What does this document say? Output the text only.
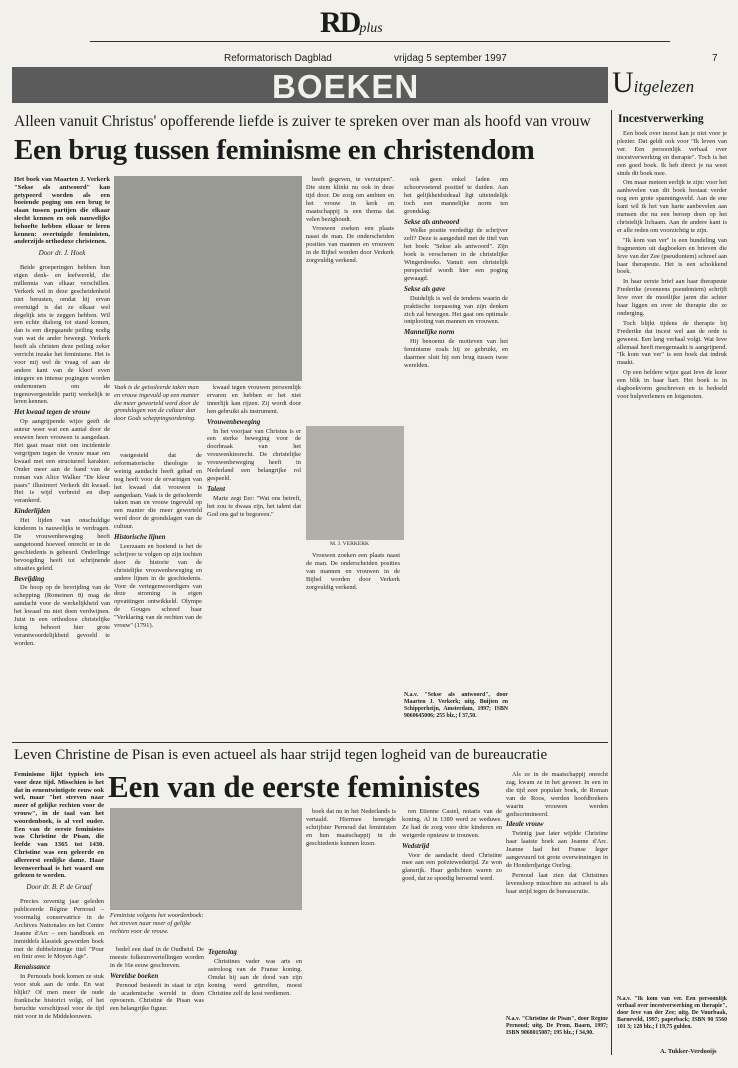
RDplus
Reformatorisch Dagblad	vrijdag 5 september 1997	7
BOEKEN	Uitgelezen
Alleen vanuit Christus' opofferende liefde is zuiver te spreken over man als hoofd van vrouw
Een brug tussen feminisme en christendom
Het boek van Maarten J. Verkerk "Sekse als antwoord" kan getypeerd worden als een boeiende poging om een brug te slaan tussen partijen die elkaar slecht kennen en ook nauwelijks behoefte hebben elkaar te leren kennen: overtuigde feministen, anderzijds orthodoxe christenen.
Door dr. J. Hoek

Beide groeperingen hebben hun eigen denk- en leefwereld, die millennia van elkaar verschillen. Verkerk wil in deze gescheidenheid niet berusten, omdat hij ervan overtuigd is dat ze elkaar wel degelijk iets te zeggen hebben. Wil een echte dialoog tot stand komen, dan is een diepgaande peiling nodig van wat de ander beweegt. Verkerk heeft als christen deze peiling zeker verricht inzake het feminisme. Het is voor mij wel de vraag of aan de andere kant van de kloof even integere en intense pogingen worden ondernomen om de tegenovergestelde partij werkelijk te leren kennen.

Het kwaad tegen de vrouw

Op aangrijpende wijze geeft de auteur weer wat een aantal door de eeuwen heen vrouwen is aangedaan. Het gaat maar niet om incidentele vergrijpen tegen de vrouw maar om kwaad met een structureel karakter. Onder meer aan de hand van de roman van Alice Walker "De kleur paars" illustreert Verkerk dit kwaad. Het is wijd verbreid en diep verankerd.

Kinderlijden

Het lijden van onschuldige kinderen is nauwelijks te verdragen. De vrouwenbeweging heeft aangetoond hoeveel onrecht er in de geschiedenis is gebeurd. Onderlinge bevoogding heeft tot schrijnende situaties geleid.

Bevrijding

De hoop op de bevrijding van de schepping (Romeinen 8) mag de aandacht voor de werkelijkheid van het kwaad nu niet doen verdwijnen. Juist in een orthodoxe christelijke kring behoort hier grote verantwoordelijkheid gevoeld te worden.

Vaak is de geïsoleerde taken man en vrouw ingevuld op een manier die meer geworteld werd door de grondslagen van de cultuur dan door Gods scheppingsordening.

vastgesteld dat de reformatorische theologie te weinig aandacht heeft gehad en nog heeft voor de ervaringen van het kwaad dat vrouwen is aangedaan. Vaak is de geïsoleerde taken man en vrouw ingevuld op een manier die meer geworteld werd door de grondslagen van de cultuur.

Historische lijnen

Leerzaam en boeiend is het de schrijver te volgen op zijn tochten door de historie van de christelijke vrouwenbeweging en andere lijnen in de geschiedenis. Voor de vertegenwoordigers van deze stroming is eigen opvattingen ontwikkeld. Olympe de Gouges schreef haar "Verklaring van de rechten van de vrouw" (1791).

kwaad tegen vrouwen persoonlijk ervaren en hebben er het niet innerlijk kan rijzen. Zij wordt door hen gebruikt als instrument.

Vrouwenbeweging

In het voorjaar van Christus is er een sterke beweging voor de doorbraak van het vrouwenkiesrecht. De christelijke vrouwenbeweging heeft in Nederland een belangrijke rol gespeeld.

Talent

Marie zegt Eer: "Wat ons betreft, het zou te dwaas zijn, het talent dat God ons gaf te begraven."

M. J. VERKERK

heeft gegeven, te verzuipen". Die stem klinkt nu ook in deze tijd door. De zorg om ambten en het vrouw in kerk en maatschappij is een thema dat velen bezighoudt.

Vrouwen zoeken een plaats naast de man. De onderscheiden posities van mannen en vrouwen in de Bijbel worden door Verkerk zorgvuldig verkend.

Vrouwen zoeken een plaats naast de man. De onderscheiden posities van mannen en vrouwen in de Bijbel worden door Verkerk zorgvuldig verkend.

ook geen enkel laden om schoorvoetend positief te duiden. Aan het gelijkheidsideaal ligt uiteindelijk toch een mannelijke norm ten grondslag.

Sekse als antwoord

Welke positie verdedigt de schrijver zelf? Deze is aangeduid met de titel van het boek: "Sekse als antwoord". Zijn boek is verschenen in de christelijke Wingerdreeks. Vanuit een christelijk perspectief wordt hier een poging gewaagd.

Sekse als gave

Duidelijk is wel de tendens waarin de praktische toepassing van zijn denken zich zal bewegen. Het gaat om optimale ontplooiing van mannen en vrouwen.

Mannelijke norm

Hij benoemt de motieven van het feminisme zoals hij ze gebruikt, en daarmee sluit hij een brug tussen twee werelden.

N.a.v. "Sekse als antwoord", door Maarten J. Verkerk; uitg. Buijten en Schipperheijn, Amsterdam, 1997; ISBN 9060645006; 255 blz.; f 37,50.
Incestverwerking

Een boek over incest kan je niet voor je plezier. Dat geldt ook voor "Ik leven van ver. Een persoonlijk verhaal over incestverwerking en therapie". Toch is het een goed boek. Ik heb direct je na weet sinds dit boek mee.

Om maar meteen eerlijk te zijn: voor het aanbevelen van dit boek bestaat verder nog een grote spanningsveld. Aan de ene kant wil ik het van harte aanbevelen aan mensen die nu een beroep doen op het christelijk lichaam. Aan de andere kant is er alle reden om voorzichtig te zijn.

"Ik kom van ver" is een bundeling van fragmenten uit dagboeken en brieven die Ieve van der Zee (pseudoniem) schreef aan haar therapeute. Het is een schokkend boek.

In haar eerste brief aan haar therapeute Frederike (eveneens pseudoniem) schrijft Ieve over de moeilijke jaren die achter haar liggen en over de therapie die ze onderging.

Toch blijkt tijdens de therapie bij Frederike dat incest wel aan de orde is geweest. Een lang verhaal volgt. Wat Ieve allemaal heeft meegemaakt is aangrijpend. "Ik kom van ver" is een boek dat indruk maakt.

Op een heldere wijze gaat Ieve de lezer een blik in haar hart. Het boek is in dagboekvorm geschreven en is bedoeld voor hulpverleners en lotgenoten.

N.a.v. "Ik kom van ver. Een persoonlijk verhaal over incestverwerking en therapie", door Ieve van der Zee; uitg. De Vuurbaak, Barneveld, 1997; paperback; ISBN 90 5560 101 3; 128 blz.; f 19,75 gulden.
A. Tukker-Verdooijs
Leven Christine de Pisan is even actueel als haar strijd tegen logheid van de bureaucratie
Een van de eerste feministes
Feminisme lijkt typisch iets voor deze tijd. Misschien is het dat in eenentwintigste eeuw ook wel, maar "het streven naar meer of gelijke rechten voor de vrouw", in de taal van het woordenboek, is al veel ouder. Een van de eerste feministes was Christine de Pisan, die leefde van 1365 tot 1430. Christine was een geleerde en allereerst eenlijke dame. Haar levensverhaal is het waard om gelezen te worden.
Door dr. B. P. de Graaf

Precies zeventig jaar geleden publiceerde Régine Pernoud – voormalig conservatrice in de Archives Nationales en het Centre Jeanne d'Arc – een handboek en inmiddels klassiek geworden boek met de dubbelzinnige titel "Pour en finir avec le Moyen Age".

Renaissance

In Pernouds boek komen ze stuk voor stuk aan de orde. En wat blijkt? Of men meer de oude frankische historici volgt, of het beruchte verschijnsel voor de tijd niet voor in de Middeleeuwen.

Feministe volgens het woordenboek: het streven naar meer of gelijke rechten voor de vrouw.

boek dat nu in het Nederlands is vertaald. Hiermee beneigde schrijfster Pernoud dat feministen en hun maatschappij in de geschiedenis kunnen lezen.

bedel een daaf in de Oudheid. De meeste folkeurovertellingen worden in de 16e eeuw geschreven.

Wereldse boeken

Pernoud besteedt in staat te zijn de academische wereld te doen opvoeren. Christine de Pisan was een belangrijke figuur.

Tegenslag

Christines vader was arts en astroloog van de Franse koning. Omdat hij aan de dood van zijn koning werd getroffen, moest Christine zelf de kost verdienen.

ren Etienne Castel, notaris van de koning. Al in 1389 werd ze weduwe. Ze had de zorg voor drie kinderen en weigerde opnieuw te trouwen.

Wedstrijd

Voor de aandacht deed Christine mee aan een poëziewedstrijd. Ze won glansrijk. Haar gedichten waren zo goed, dat ze spoedig beroemd werd.

Als ze in de maatschappij onrecht zag, kwam ze in het geweer. In een in die tijd zeer populair boek, de Roman van de Roos, werden hoofdbrekers waarin vrouwen werden gediscrimineerd.

Ideale vrouw

Twintig jaar later wijdde Christine haar laatste boek aan Jeanne d'Arc. Jeanne had het Franse leger aangevuurd tot grote overwinningen in de Honderdjarige Oorlog.

Pernoud laat zien dat Christines levensloop misschien nu actueel is als haar strijd tegen de bureaucratie.

N.a.v. "Christine de Pisan", door Régine Pernoud; uitg. De Prom, Baarn, 1997; ISBN 9068015087; 195 blz.; f 34,90.
